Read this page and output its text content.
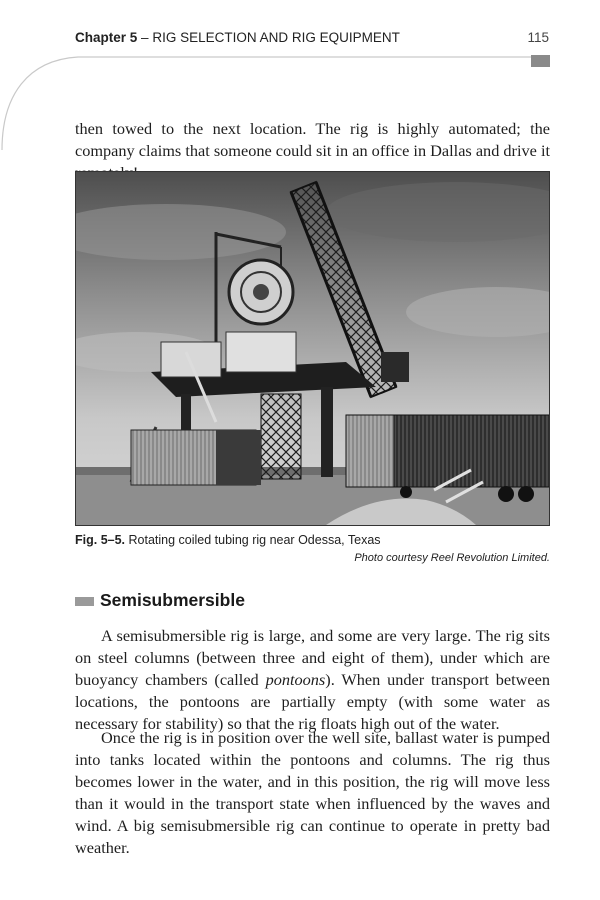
Chapter 5 – RIG SELECTION AND RIG EQUIPMENT	115

then towed to the next location. The rig is highly automated; the company claims that someone could sit in an office in Dallas and drive it

Fig. 5–5. Rotating coiled tubing rig near Odessa, Texas
Photo courtesy Reel Revolution Limited.
Semisubmersible

A semisubmersible rig is large, and some are very large. The rig sits on steel columns (between three and eight of them), under which are buoyancy chambers (called pontoons). When under transport between locations, the pontoons are partially empty (with some water as necessary for stability) so that the rig floats high out of the water.

Once the rig is in position over the well site, ballast water is pumped into tanks located within the pontoons and columns. The rig thus becomes lower in the water, and in this position, the rig will move less than it would in the transport state when influenced by the waves and wind. A big semisubmersible rig can continue to operate in pretty bad weather.
